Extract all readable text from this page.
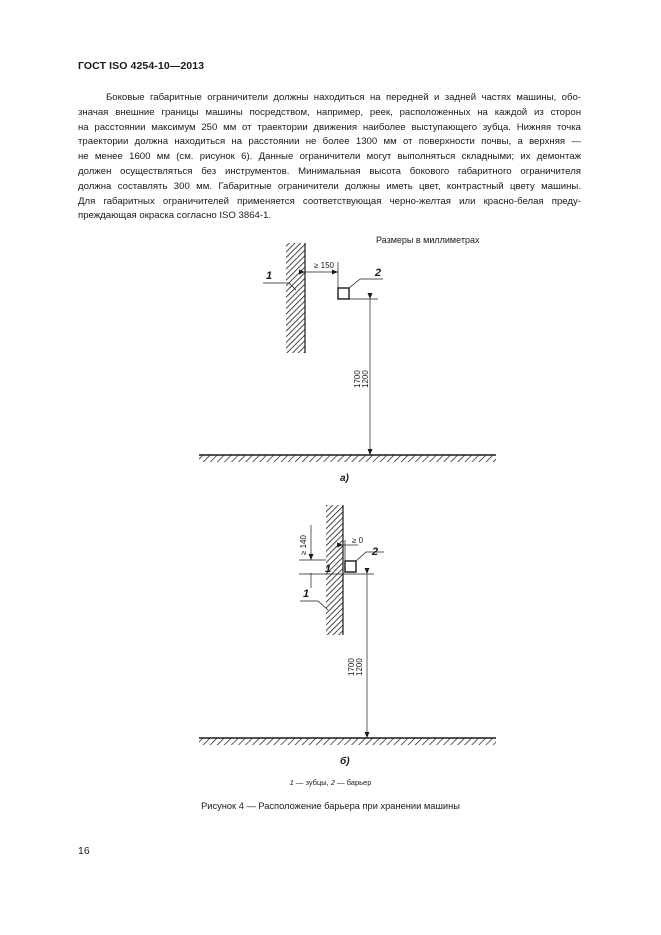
ГОСТ ISO 4254-10—2013
Боковые габаритные ограничители должны находиться на передней и задней частях машины, обо-
значая внешние границы машины посредством, например, реек, расположенных на каждой из сторон
на расстоянии максимум 250 мм от траектории движения наиболее выступающего зубца. Нижняя точка
траектории должна находиться на расстоянии не более 1300 мм от поверхности почвы, а верхняя —
не менее 1600 мм (см. рисунок 6). Данные ограничители могут выполняться складными; их демонтаж
должен осуществляться без инструментов. Минимальная высота бокового габаритного ограничителя
должна составлять 300 мм. Габаритные ограничители должны иметь цвет, контрастный цвету машины.
Для габаритных ограничителей применяется соответствующая черно-желтая или красно-белая преду-
преждающая окраска согласно ISO 3864-1.
Размеры в миллиметрах
1
≥ 150
2
1700 1200
а)
≥ 140
1
2
≥ 0
1
1700 1200
б)
1 — зубцы, 2 — барьер
Рисунок 4 — Расположение барьера при хранении машины
16
